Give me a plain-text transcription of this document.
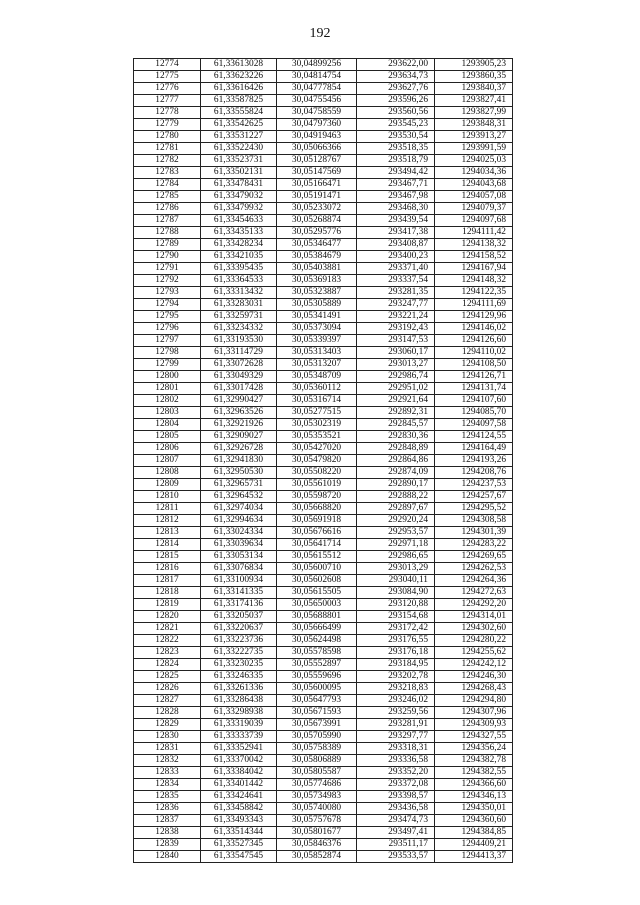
192
12774	61,33613028	30,04899256	293622,00	1293905,23
12775	61,33623226	30,04814754	293634,73	1293860,35
12776	61,33616426	30,04777854	293627,76	1293840,37
12777	61,33587825	30,04755456	293596,26	1293827,41
12778	61,33555824	30,04758559	293560,56	1293827,99
12779	61,33542625	30,04797360	293545,23	1293848,31
12780	61,33531227	30,04919463	293530,54	1293913,27
12781	61,33522430	30,05066366	293518,35	1293991,59
12782	61,33523731	30,05128767	293518,79	1294025,03
12783	61,33502131	30,05147569	293494,42	1294034,36
12784	61,33478431	30,05166471	293467,71	1294043,68
12785	61,33479032	30,05191471	293467,98	1294057,08
12786	61,33479932	30,05233072	293468,30	1294079,37
12787	61,33454633	30,05268874	293439,54	1294097,68
12788	61,33435133	30,05295776	293417,38	1294111,42
12789	61,33428234	30,05346477	293408,87	1294138,32
12790	61,33421035	30,05384679	293400,23	1294158,52
12791	61,33395435	30,05403881	293371,40	1294167,94
12792	61,33364533	30,05369183	293337,54	1294148,32
12793	61,33313432	30,05323887	293281,35	1294122,35
12794	61,33283031	30,05305889	293247,77	1294111,69
12795	61,33259731	30,05341491	293221,24	1294129,96
12796	61,33234332	30,05373094	293192,43	1294146,02
12797	61,33193530	30,05339397	293147,53	1294126,60
12798	61,33114729	30,05313403	293060,17	1294110,02
12799	61,33072628	30,05313207	293013,27	1294108,50
12800	61,33049329	30,05348709	292986,74	1294126,71
12801	61,33017428	30,05360112	292951,02	1294131,74
12802	61,32990427	30,05316714	292921,64	1294107,60
12803	61,32963526	30,05277515	292892,31	1294085,70
12804	61,32921926	30,05302319	292845,57	1294097,58
12805	61,32909027	30,05353521	292830,36	1294124,55
12806	61,32926728	30,05427020	292848,89	1294164,49
12807	61,32941830	30,05479820	292864,86	1294193,26
12808	61,32950530	30,05508220	292874,09	1294208,76
12809	61,32965731	30,05561019	292890,17	1294237,53
12810	61,32964532	30,05598720	292888,22	1294257,67
12811	61,32974034	30,05668820	292897,67	1294295,52
12812	61,32994634	30,05691918	292920,24	1294308,58
12813	61,33024334	30,05676616	292953,57	1294301,39
12814	61,33039634	30,05641714	292971,18	1294283,22
12815	61,33053134	30,05615512	292986,65	1294269,65
12816	61,33076834	30,05600710	293013,29	1294262,53
12817	61,33100934	30,05602608	293040,11	1294264,36
12818	61,33141335	30,05615505	293084,90	1294272,63
12819	61,33174136	30,05650003	293120,88	1294292,20
12820	61,33205037	30,05688801	293154,68	1294314,01
12821	61,33220637	30,05666499	293172,42	1294302,60
12822	61,33223736	30,05624498	293176,55	1294280,22
12823	61,33222735	30,05578598	293176,18	1294255,62
12824	61,33230235	30,05552897	293184,95	1294242,12
12825	61,33246335	30,05559696	293202,78	1294246,30
12826	61,33261336	30,05600095	293218,83	1294268,43
12827	61,33286438	30,05647793	293246,02	1294294,80
12828	61,33298938	30,05671593	293259,56	1294307,96
12829	61,33319039	30,05673991	293281,91	1294309,93
12830	61,33333739	30,05705990	293297,77	1294327,55
12831	61,33352941	30,05758389	293318,31	1294356,24
12832	61,33370042	30,05806889	293336,58	1294382,78
12833	61,33384042	30,05805587	293352,20	1294382,55
12834	61,33401442	30,05774686	293372,08	1294366,60
12835	61,33424641	30,05734983	293398,57	1294346,13
12836	61,33458842	30,05740080	293436,58	1294350,01
12837	61,33493343	30,05757678	293474,73	1294360,60
12838	61,33514344	30,05801677	293497,41	1294384,85
12839	61,33527345	30,05846376	293511,17	1294409,21
12840	61,33547545	30,05852874	293533,57	1294413,37
